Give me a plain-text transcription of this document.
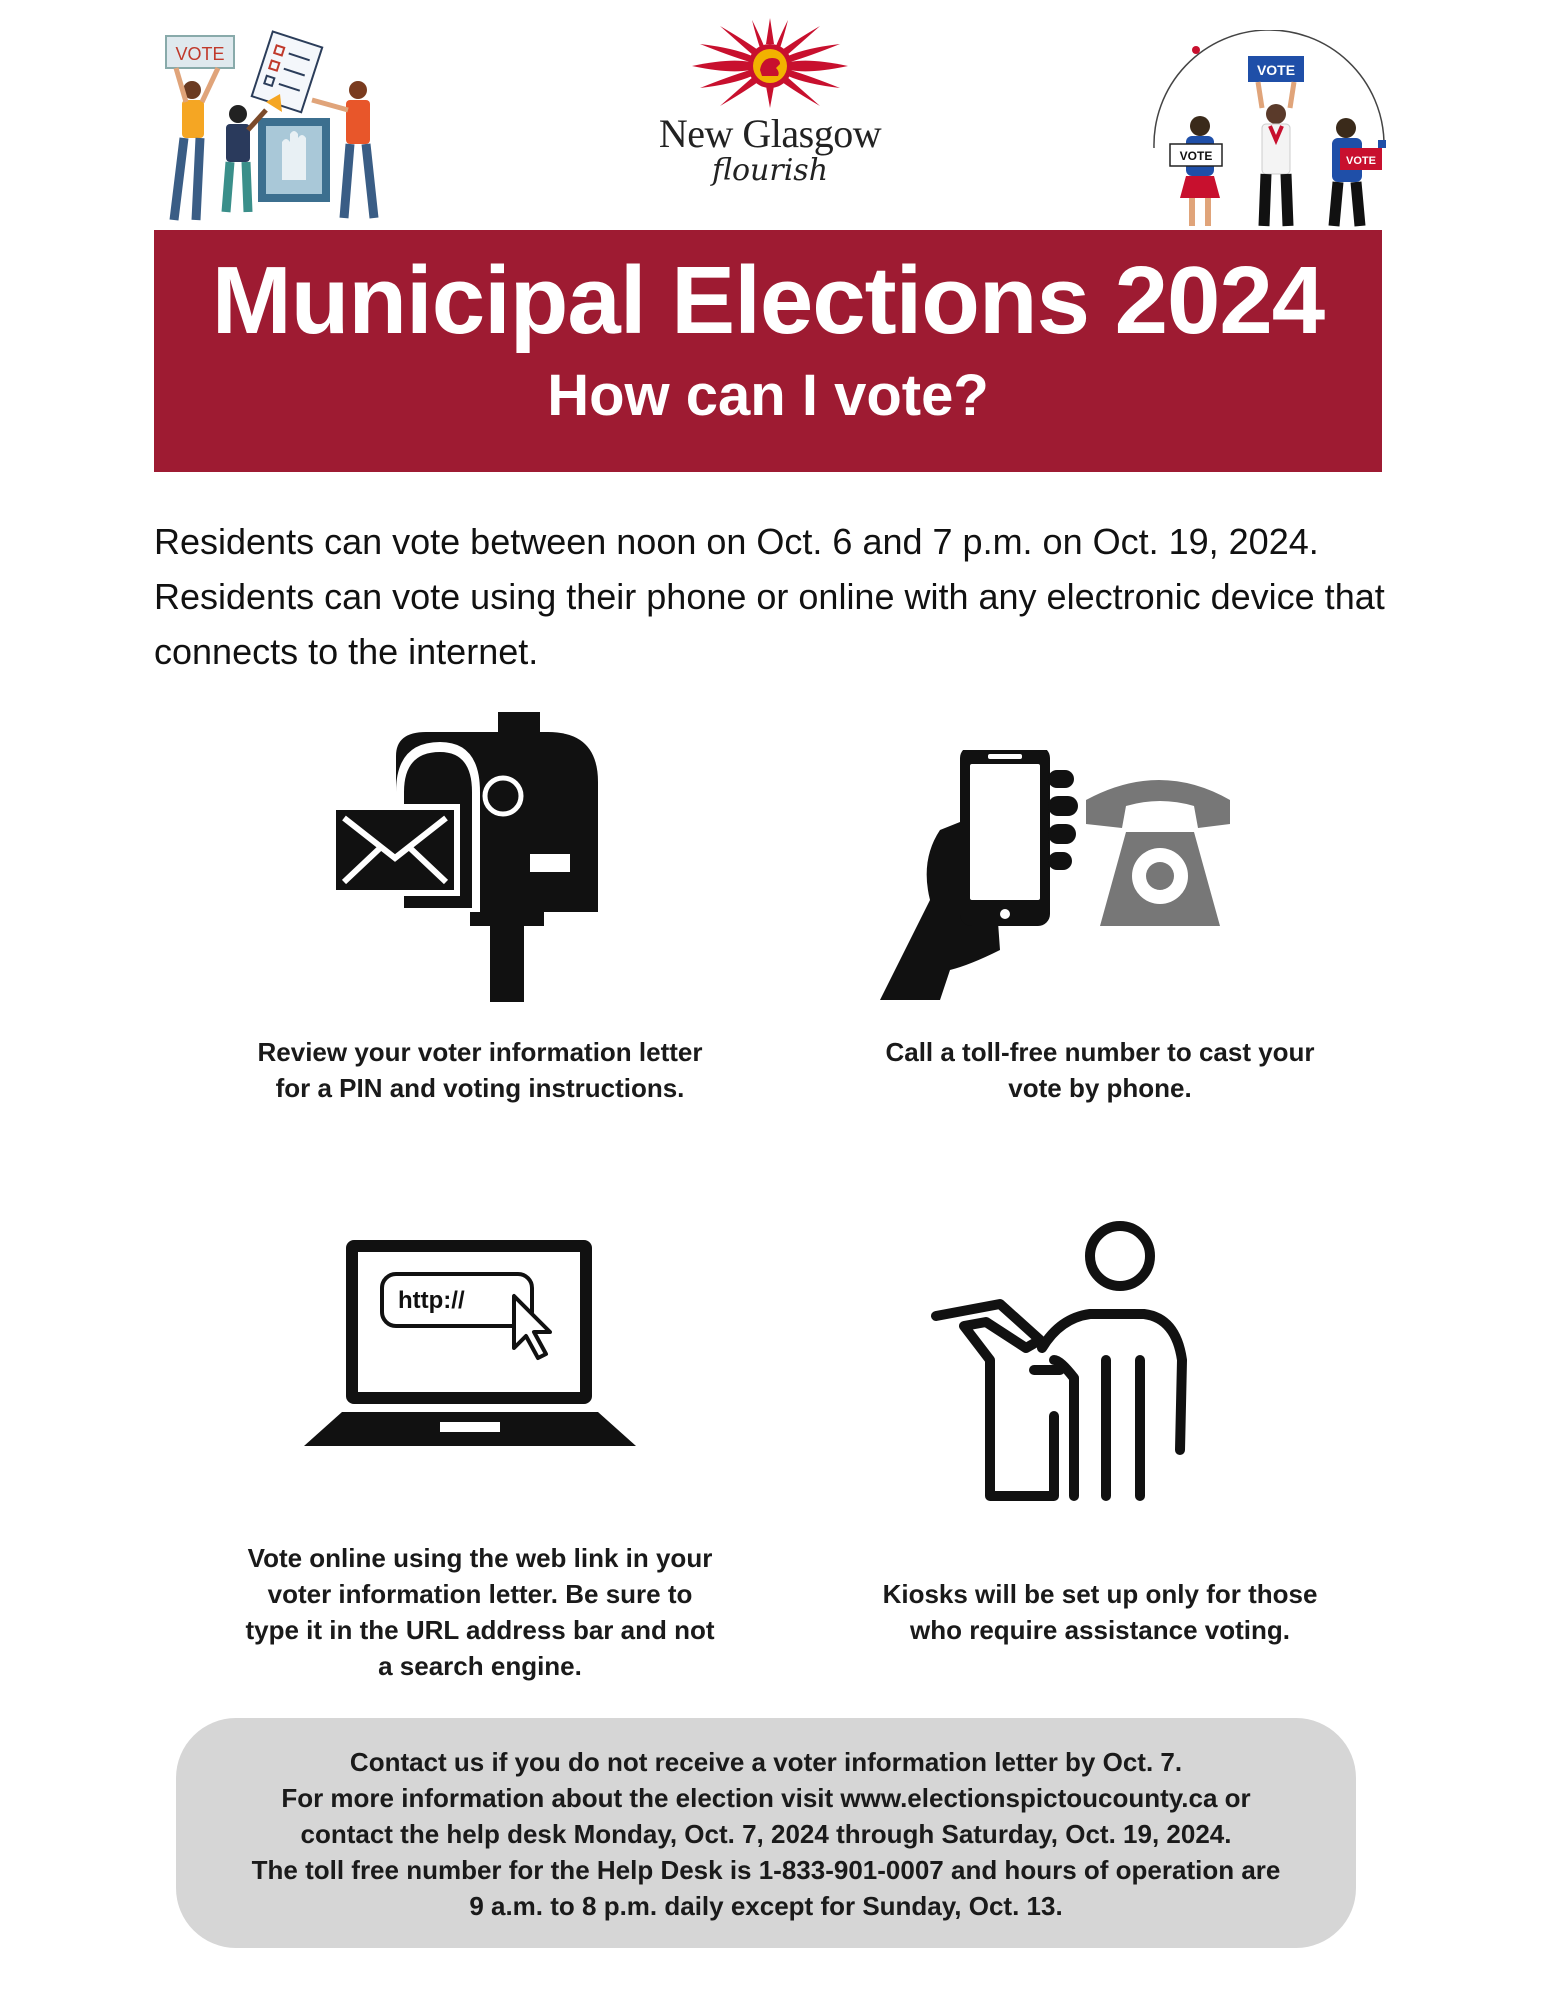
VOTE
New Glasgow
flourish
VOTE
VOTE	VOTE
Municipal Elections 2024
How can I vote?

Residents can vote between noon on Oct. 6 and 7 p.m. on Oct. 19, 2024.

Residents can vote using their phone or online with any electronic device that connects to the internet.

http://
Review your voter information letter
for a PIN and voting instructions.
Call a toll-free number to cast your
vote by phone.
Vote online using the web link in your
voter information letter. Be sure to
type it in the URL address bar and not
a search engine.
Kiosks will be set up only for those
who require assistance voting.
Contact us if you do not receive a voter information letter by Oct. 7.
For more information about the election visit www.electionspictoucounty.ca or
contact the help desk Monday, Oct. 7, 2024 through Saturday, Oct. 19, 2024.
The toll free number for the Help Desk is 1-833-901-0007 and hours of operation are
9 a.m. to 8 p.m. daily except for Sunday, Oct. 13.
